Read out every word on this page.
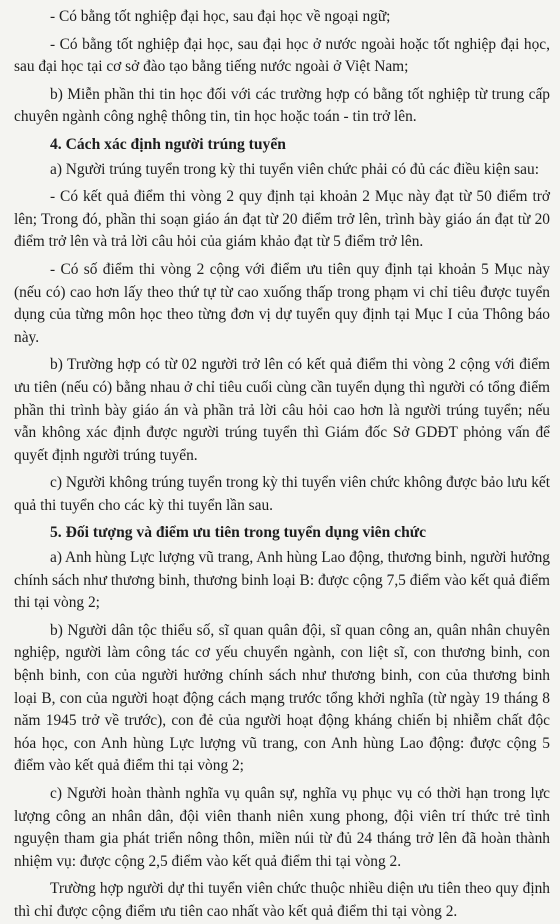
- Có bằng tốt nghiệp đại học, sau đại học về ngoại ngữ;

- Có bằng tốt nghiệp đại học, sau đại học ở nước ngoài hoặc tốt nghiệp đại học, sau đại học tại cơ sở đào tạo bằng tiếng nước ngoài ở Việt Nam;

b) Miễn phần thi tin học đối với các trường hợp có bằng tốt nghiệp từ trung cấp chuyên ngành công nghệ thông tin, tin học hoặc toán - tin trở lên.

4. Cách xác định người trúng tuyển

a) Người trúng tuyển trong kỳ thi tuyển viên chức phải có đủ các điều kiện sau:

- Có kết quả điểm thi vòng 2 quy định tại khoản 2 Mục này đạt từ 50 điểm trở lên; Trong đó, phần thi soạn giáo án đạt từ 20 điểm trở lên, trình bày giáo án đạt từ 20 điểm trở lên và trả lời câu hỏi của giám khảo đạt từ 5 điểm trở lên.

- Có số điểm thi vòng 2 cộng với điểm ưu tiên quy định tại khoản 5 Mục này (nếu có) cao hơn lấy theo thứ tự từ cao xuống thấp trong phạm vi chỉ tiêu được tuyển dụng của từng môn học theo từng đơn vị dự tuyển quy định tại Mục I của Thông báo này.

b) Trường hợp có từ 02 người trở lên có kết quả điểm thi vòng 2 cộng với điểm ưu tiên (nếu có) bằng nhau ở chỉ tiêu cuối cùng cần tuyển dụng thì người có tổng điểm phần thi trình bày giáo án và phần trả lời câu hỏi cao hơn là người trúng tuyển; nếu vẫn không xác định được người trúng tuyển thì Giám đốc Sở GDĐT phỏng vấn để quyết định người trúng tuyển.

c) Người không trúng tuyển trong kỳ thi tuyển viên chức không được bảo lưu kết quả thi tuyển cho các kỳ thi tuyển lần sau.

5. Đối tượng và điểm ưu tiên trong tuyển dụng viên chức

a) Anh hùng Lực lượng vũ trang, Anh hùng Lao động, thương binh, người hưởng chính sách như thương binh, thương binh loại B: được cộng 7,5 điểm vào kết quả điểm thi tại vòng 2;

b) Người dân tộc thiểu số, sĩ quan quân đội, sĩ quan công an, quân nhân chuyên nghiệp, người làm công tác cơ yếu chuyển ngành, con liệt sĩ, con thương binh, con bệnh binh, con của người hưởng chính sách như thương binh, con của thương binh loại B, con của người hoạt động cách mạng trước tổng khởi nghĩa (từ ngày 19 tháng 8 năm 1945 trở về trước), con đẻ của người hoạt động kháng chiến bị nhiễm chất độc hóa học, con Anh hùng Lực lượng vũ trang, con Anh hùng Lao động: được cộng 5 điểm vào kết quả điểm thi tại vòng 2;

c) Người hoàn thành nghĩa vụ quân sự, nghĩa vụ phục vụ có thời hạn trong lực lượng công an nhân dân, đội viên thanh niên xung phong, đội viên trí thức trẻ tình nguyện tham gia phát triển nông thôn, miền núi từ đủ 24 tháng trở lên đã hoàn thành nhiệm vụ: được cộng 2,5 điểm vào kết quả điểm thi tại vòng 2.

Trường hợp người dự thi tuyển viên chức thuộc nhiều diện ưu tiên theo quy định thì chỉ được cộng điểm ưu tiên cao nhất vào kết quả điểm thi tại vòng 2.
